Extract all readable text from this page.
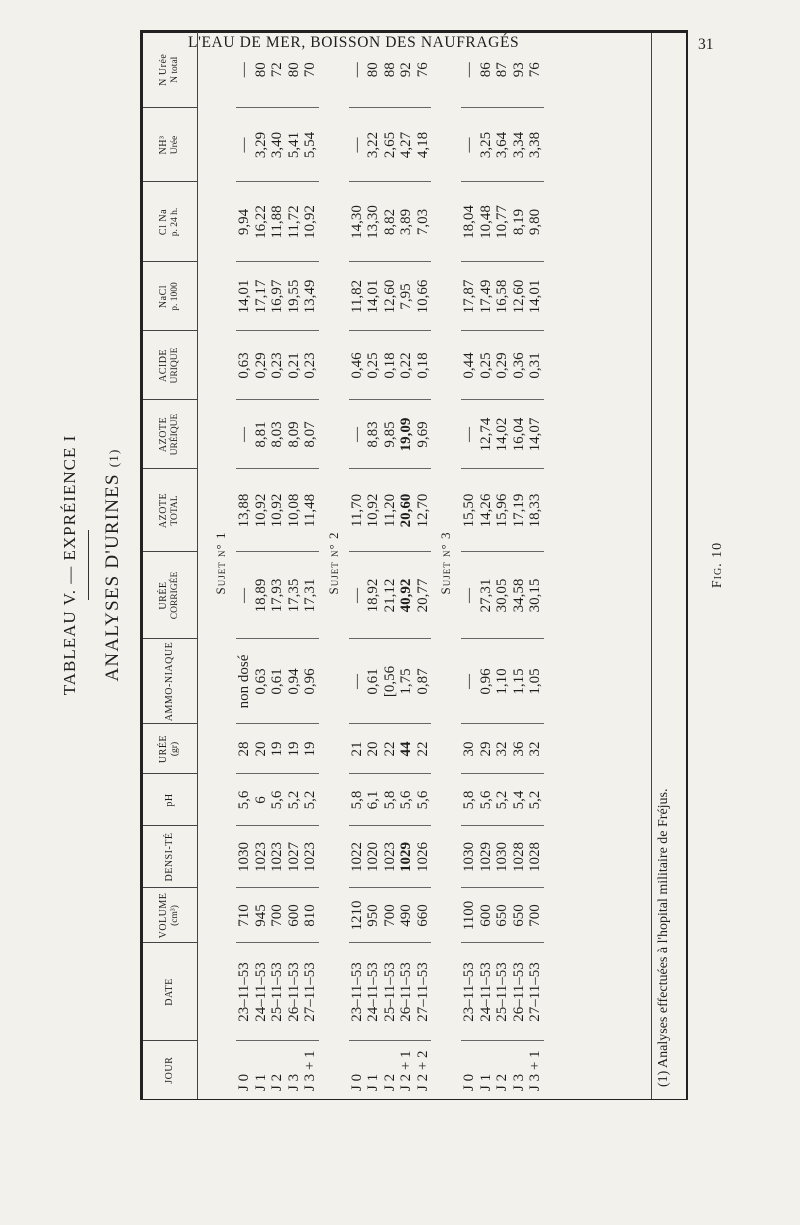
L'EAU DE MER, BOISSON DES NAUFRAGÉS	31
TABLEAU V. — EXPRÉIENCE I ANALYSES D'URINES (1)
JOUR	DATE	VOLUME (cm³)	DENSI-TÉ	pH	URÉE (gr)	AMMO-NIAQUE	URÉE CORRIGÉE	AZOTE TOTAL	AZOTE URÉIQUE	ACIDE URIQUE	NaCl p. 1000	Cl Na p. 24 h.	NH³ Urée	N Urée N total

Sujet n° 1														
J 0	23–11–53	710	1030	5,6	28	non dosé	—	13,88	—	0,63	14,01	9,94	—	—
J 1	24–11–53	945	1023	6	20	0,63	18,89	10,92	8,81	0,29	17,17	16,22	3,29	80
J 2	25–11–53	700	1023	5,6	19	0,61	17,93	10,92	8,03	0,23	16,97	11,88	3,40	72
J 3	26–11–53	600	1027	5,2	19	0,94	17,35	10,08	8,09	0,21	19,55	11,72	5,41	80
J 3 + 1	27–11–53	810	1023	5,2	19	0,96	17,31	11,48	8,07	0,23	13,49	10,92	5,54	70
Sujet n° 2														
J 0	23–11–53	1210	1022	5,8	21	—	—	11,70	—	0,46	11,82	14,30	—	—
J 1	24–11–53	950	1020	6,1	20	0,61	18,92	10,92	8,83	0,25	14,01	13,30	3,22	80
J 2	25–11–53	700	1023	5,8	22	[0,56	21,12	11,20	9,85	0,18	12,60	8,82	2,65	88
J 2 + 1	26–11–53	490	1029	5,6	44	1,75	40,92	20,60	19,09	0,22	7,95	3,89	4,27	92
J 2 + 2	27–11–53	660	1026	5,6	22	0,87	20,77	12,70	9,69	0,18	10,66	7,03	4,18	76
Sujet n° 3														
J 0	23–11–53	1100	1030	5,8	30	—	—	15,50	—	0,44	17,87	18,04	—	—
J 1	24–11–53	600	1029	5,6	29	0,96	27,31	14,26	12,74	0,25	17,49	10,48	3,25	86
J 2	25–11–53	650	1030	5,2	32	1,10	30,05	15,96	14,02	0,29	16,58	10,77	3,64	87
J 3	26–11–53	650	1028	5,4	36	1,15	34,58	17,19	16,04	0,36	12,60	8,19	3,34	93
J 3 + 1	27–11–53	700	1028	5,2	32	1,05	30,15	18,33	14,07	0,31	14,01	9,80	3,38	76
(1) Analyses effectuées à l'hopital militaire de Fréjus.
Fig. 10
